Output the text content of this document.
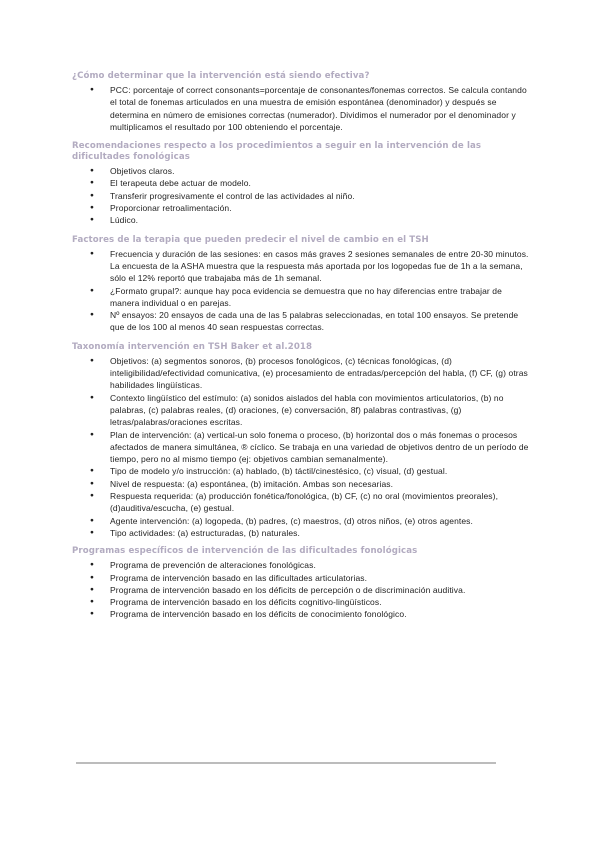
¿Cómo determinar que la intervención está siendo efectiva?
● PCC: porcentaje of correct consonants=porcentaje de consonantes/fonemas correctos. Se calcula contando el total de fonemas articulados en una muestra de emisión espontánea (denominador) y después se determina en número de emisiones correctas (numerador). Dividimos el numerador por el denominador y multiplicamos el resultado por 100 obteniendo el porcentaje.
Recomendaciones respecto a los procedimientos a seguir en la intervención de las dificultades fonológicas
● Objetivos claros.
● El terapeuta debe actuar de modelo.
● Transferir progresivamente el control de las actividades al niño.
● Proporcionar retroalimentación.
● Lúdico.
Factores de la terapia que pueden predecir el nivel de cambio en el TSH
● Frecuencia y duración de las sesiones: en casos más graves 2 sesiones semanales de entre 20-30 minutos. La encuesta de la ASHA muestra que la respuesta más aportada por los logopedas fue de 1h a la semana, sólo el 12% reportó que trabajaba más de 1h semanal.
● ¿Formato grupal?: aunque hay poca evidencia se demuestra que no hay diferencias entre trabajar de manera individual o en parejas.
● Nº ensayos: 20 ensayos de cada una de las 5 palabras seleccionadas, en total 100 ensayos. Se pretende que de los 100 al menos 40 sean respuestas correctas.
Taxonomía intervención en TSH Baker et al.2018
● Objetivos: (a) segmentos sonoros, (b) procesos fonológicos, (c) técnicas fonológicas, (d) inteligibilidad/efectividad comunicativa, (e) procesamiento de entradas/percepción del habla, (f) CF, (g) otras habilidades lingüísticas.
● Contexto lingüístico del estímulo: (a) sonidos aislados del habla con movimientos articulatorios, (b) no palabras, (c) palabras reales, (d) oraciones, (e) conversación, 8f) palabras contrastivas, (g) letras/palabras/oraciones escritas.
● Plan de intervención: (a) vertical-un solo fonema o proceso, (b) horizontal dos o más fonemas o procesos afectados de manera simultánea, ® cíclico. Se trabaja en una variedad de objetivos dentro de un período de tiempo, pero no al mismo tiempo (ej: objetivos cambian semanalmente).
● Tipo de modelo y/o instrucción: (a) hablado, (b) táctil/cinestésico, (c) visual, (d) gestual.
● Nivel de respuesta: (a) espontánea, (b) imitación. Ambas son necesarias.
● Respuesta requerida: (a) producción fonética/fonológica, (b) CF, (c) no oral (movimientos preorales), (d)auditiva/escucha, (e) gestual.
● Agente intervención: (a) logopeda, (b) padres, (c) maestros, (d) otros niños, (e) otros agentes.
● Tipo actividades: (a) estructuradas, (b) naturales.
Programas específicos de intervención de las dificultades fonológicas
● Programa de prevención de alteraciones fonológicas.
● Programa de intervención basado en las dificultades articulatorias.
● Programa de intervención basado en los déficits de percepción o de discriminación auditiva.
● Programa de intervención basado en los déficits cognitivo-lingüísticos.
● Programa de intervención basado en los déficits de conocimiento fonológico.
